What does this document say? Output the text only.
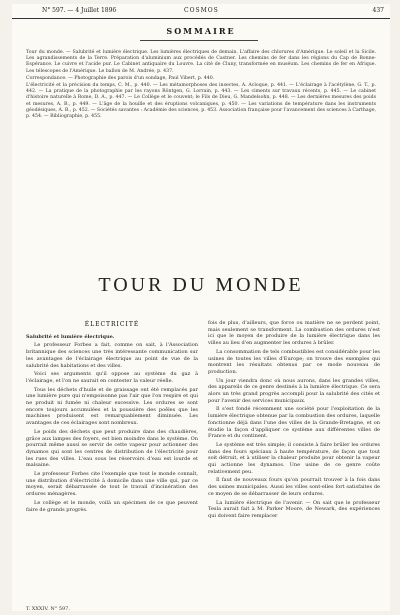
N° 597. — 4 Juillet 1896	COSMOS	437
SOMMAIRE

Tour du monde. — Salubrité et lumière électrique. Les lumières électriques de demain. L'affaire des chlorures d'Amérique. Le soleil et la Sicile. Les agrandissements de la Terre. Préparation d'aluminium aux procédés de Castner. Les chemins de fer dans les régions du Cap de Bonne-Espérance. Le cuivre et l'acide pur. Le Cabinet antiquaire du Louvre. La cité de Cluny, transformée en muséum. Les chemins de fer en Afrique. Les télescopes de l'Amérique. Le ballon de M. Andrée, p. 437.

Correspondance. — Photographie des parois d'un sondage, Paul Vibert, p. 440.

L'électricité et la précision du temps, C. M., p. 440. — Les métamorphoses des insectes, A. Acloque, p. 441. — L'éclairage à l'acétylène, G. T., p. 442. — La pratique de la photographie par les rayons Röntgen, G. Lorrain, p. 443. — Les ciments sur travaux récents, p. 445. — Le cabinet d'histoire naturelle à Rome, D. A., p. 447. — Le Collège et le couvent; le Fils de Dieu, G. Mandelsohn, p. 448. — Les dernières mesures des poids et mesures, A. B., p. 449. — L'âge de la houille et des éruptions volcaniques, p. 450. — Les variations de température dans les instruments géodésiques, A. B., p. 452. — Sociétés savantes : Académie des sciences, p. 453. Association française pour l'avancement des sciences à Carthage, p. 454. — Bibliographie, p. 455.

TOUR DU MONDE
ÉLECTRICITÉ

Salubrité et lumière électrique.

Le professeur Forbes a fait, comme on sait, à l'Association britannique des sciences une très intéressante communication sur les avantages de l'éclairage électrique au point de vue de la salubrité des habitations et des villes.

Voici ses arguments qu'il oppose au système du gaz à l'éclairage, et l'on ne saurait en contester la valeur réelle.

Tous les déchets d'huile et de graissage ont été remplacés par une lumière pure qui n'empoisonne pas l'air que l'on respire et qui ne produit ni fumée ni chaleur excessive. Les ordures se sont encore toujours accumulées et la poussière des poêles que les machines produisent est remarquablement diminuée. Les avantages de ces éclairages sont nombreux.

Le poids des déchets que peut produire dans des chaudières, grâce aux lampes des foyers, est bien moindre dans le système. On pourrait même aussi se servir de cette vapeur pour actionner des dynamos qui sont les centres de distribution de l'électricité pour les rues des villes. L'eau sous les réservoirs d'eau est lourde et malsaine.

Le professeur Forbes cite l'exemple que tout le monde connaît, une distribution d'électricité à domicile dans une ville qui, par ce moyen, serait débarrassée de tout le travail d'incinération des ordures ménagères.

Le collège et le monde, voilà un spécimen de ce que peuvent faire de grands progrès.

fois de plus, d'ailleurs, que force ou matière ne se perdent point, mais seulement se transforment. La combustion des ordures n'est ici que le moyen de produire de la lumière électrique dans les villes au lieu d'en augmenter les ordures à brûler.

La consommation de tels combustibles est considérable pour les usines de toutes les villes d'Europe; on trouve des exemples qui montrent les résultats obtenus par ce mode nouveau de production.

Un jour viendra donc où nous aurons, dans les grandes villes, des appareils de ce genre destinés à la lumière électrique. Ce sera alors un très grand progrès accompli pour la salubrité des cités et pour l'avenir des services municipaux.

Il s'est fondé récemment une société pour l'exploitation de la lumière électrique obtenue par la combustion des ordures, laquelle fonctionne déjà dans l'une des villes de la Grande-Bretagne, et on étudie la façon d'appliquer ce système aux différentes villes de France et du continent.

Le système est très simple; il consiste à faire brûler les ordures dans des fours spéciaux à haute température, de façon que tout soit détruit, et à utiliser la chaleur produite pour obtenir la vapeur qui actionne les dynamos. Une usine de ce genre coûte relativement peu.

Il faut de nouveaux fours qu'on pourrait trouver à la fois dans des usines municipales. Aussi les villes sont-elles fort satisfaites de ce moyen de se débarrasser de leurs ordures.

La lumière électrique de l'avenir. — On sait que le professeur Tesla aurait fait à M. Parker Moore, de Newark, des expériences qui doivent faire remplacer

T. XXXIV. N° 597.
